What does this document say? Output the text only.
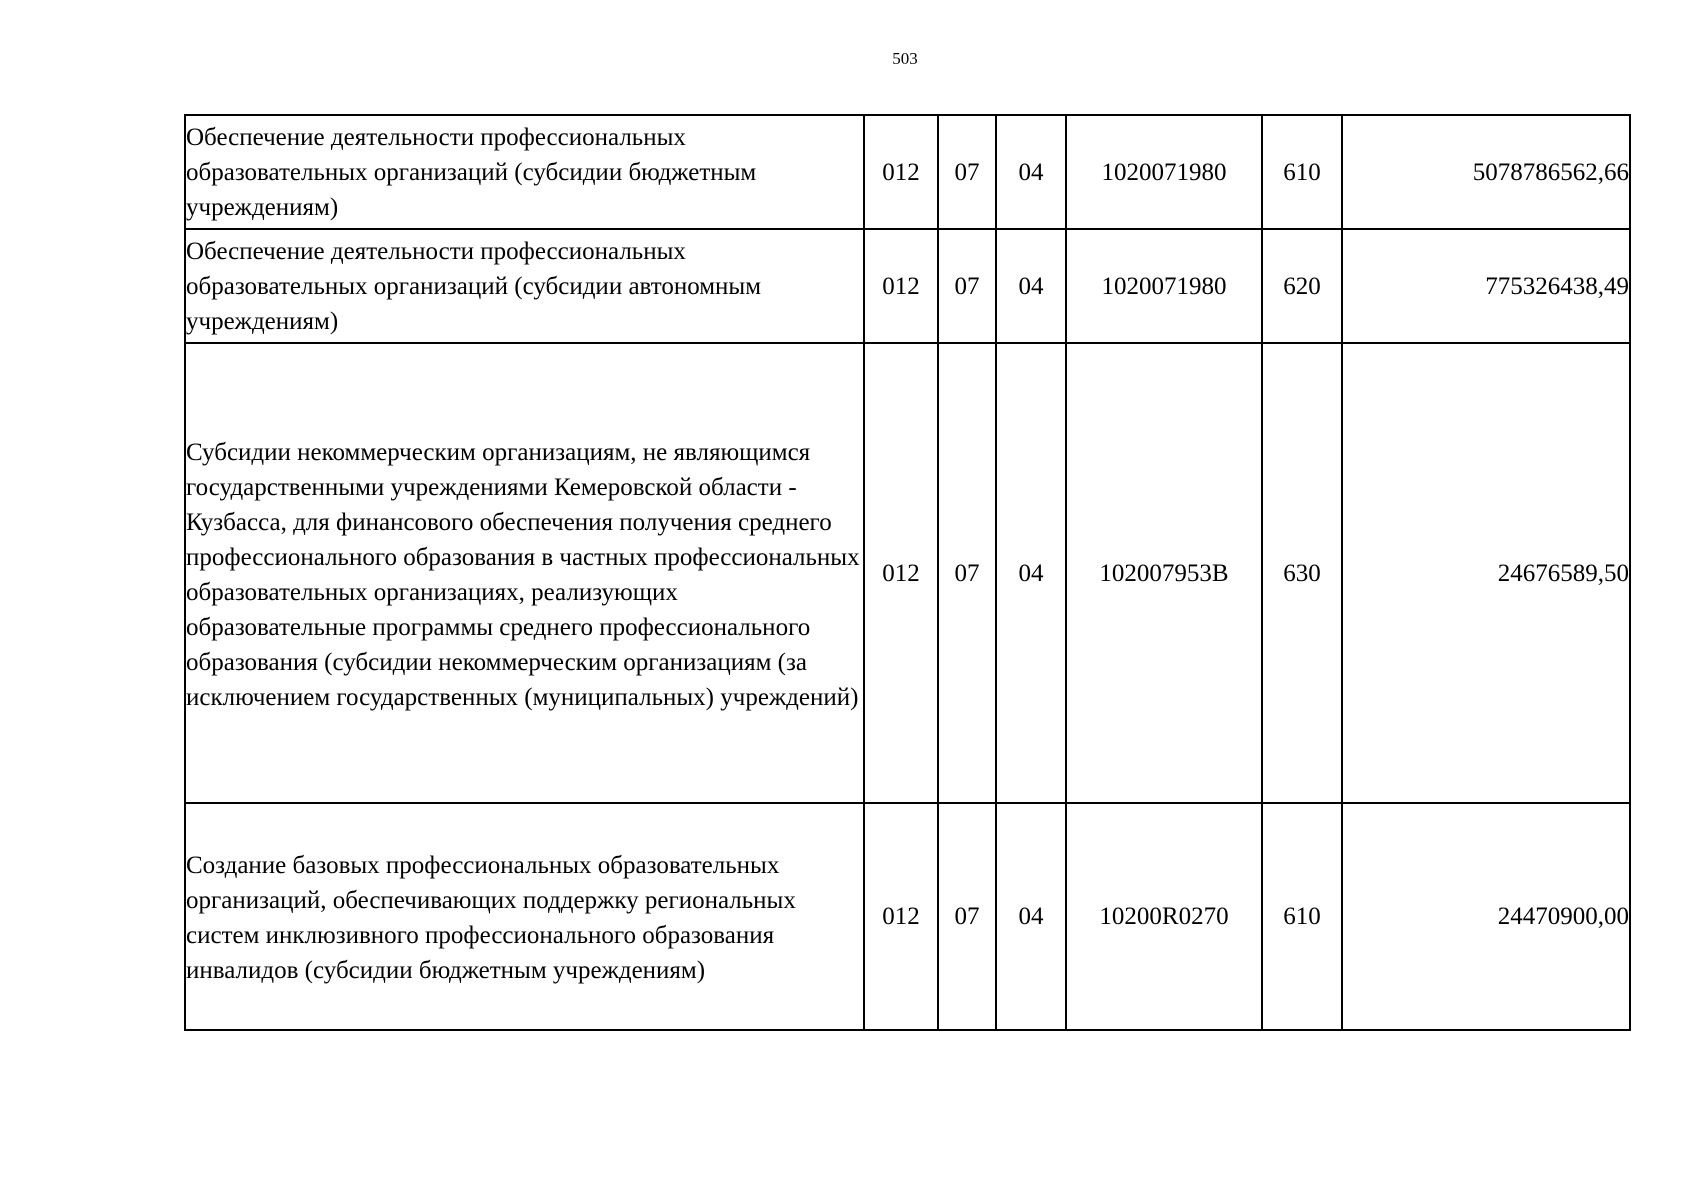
503
Обеспечение деятельности профессиональных образовательных организаций (субсидии бюджетным учреждениям)	012	07	04	1020071980	610	5078786562,66
Обеспечение деятельности профессиональных образовательных организаций (субсидии автономным учреждениям)	012	07	04	1020071980	620	775326438,49
Субсидии некоммерческим организациям, не являющимся государственными учреждениями Кемеровской области - Кузбасса, для финансового обеспечения получения среднего профессионального образования в частных профессиональных образовательных организациях, реализующих образовательные программы среднего профессионального образования (субсидии некоммерческим организациям (за исключением государственных (муниципальных) учреждений)	012	07	04	102007953В	630	24676589,50
Создание базовых профессиональных образовательных организаций, обеспечивающих поддержку региональных систем инклюзивного профессионального образования инвалидов (субсидии бюджетным учреждениям)	012	07	04	10200R0270	610	24470900,00
